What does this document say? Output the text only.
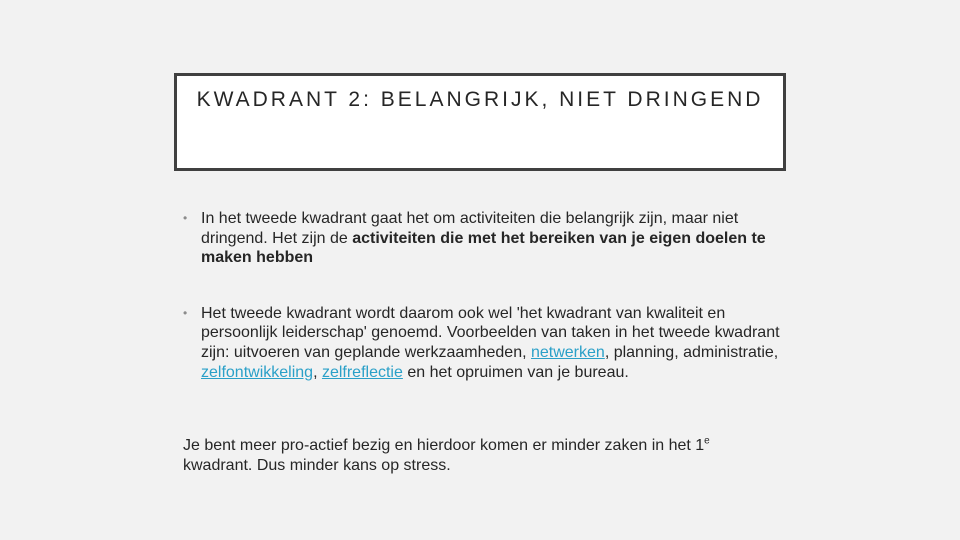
KWADRANT 2: BELANGRIJK, NIET DRINGEND
• In het tweede kwadrant gaat het om activiteiten die belangrijk zijn, maar niet dringend. Het zijn de activiteiten die met het bereiken van je eigen doelen te maken hebben
• Het tweede kwadrant wordt daarom ook wel 'het kwadrant van kwaliteit en persoonlijk leiderschap' genoemd. Voorbeelden van taken in het tweede kwadrant zijn: uitvoeren van geplande werkzaamheden, netwerken, planning, administratie, zelfontwikkeling, zelfreflectie en het opruimen van je bureau.
Je bent meer pro-actief bezig en hierdoor komen er minder zaken in het 1e kwadrant. Dus minder kans op stress.
